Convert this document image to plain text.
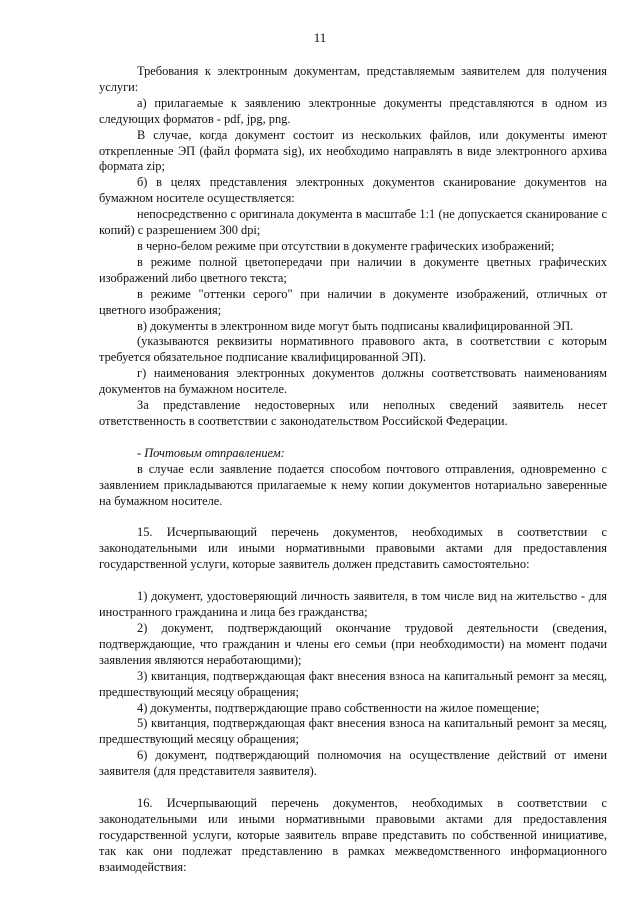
11

Требования к электронным документам, представляемым заявителем для получения услуги:

а) прилагаемые к заявлению электронные документы представляются в одном из следующих форматов - pdf, jpg, png.

В случае, когда документ состоит из нескольких файлов, или документы имеют открепленные ЭП (файл формата sig), их необходимо направлять в виде электронного архива формата zip;

б) в целях представления электронных документов сканирование документов на бумажном носителе осуществляется:

непосредственно с оригинала документа в масштабе 1:1 (не допускается сканирование с копий) с разрешением 300 dpi;

в черно-белом режиме при отсутствии в документе графических изображений;

в режиме полной цветопередачи при наличии в документе цветных графических изображений либо цветного текста;

в режиме "оттенки серого" при наличии в документе изображений, отличных от цветного изображения;

в) документы в электронном виде могут быть подписаны квалифицированной ЭП.

(указываются реквизиты нормативного правового акта, в соответствии с которым требуется обязательное подписание квалифицированной ЭП).

г) наименования электронных документов должны соответствовать наименованиям документов на бумажном носителе.

За представление недостоверных или неполных сведений заявитель несет ответственность в соответствии с законодательством Российской Федерации.

- Почтовым отправлением:

в случае если заявление подается способом почтового отправления, одновременно с заявлением прикладываются прилагаемые к нему копии документов нотариально заверенные на бумажном носителе.

15. Исчерпывающий перечень документов, необходимых в соответствии с законодательными или иными нормативными правовыми актами для предоставления государственной услуги, которые заявитель должен представить самостоятельно:

1) документ, удостоверяющий личность заявителя, в том числе вид на жительство - для иностранного гражданина и лица без гражданства;

2) документ, подтверждающий окончание трудовой деятельности (сведения, подтверждающие, что гражданин и члены его семьи (при необходимости) на момент подачи заявления являются неработающими);

3) квитанция, подтверждающая факт внесения взноса на капитальный ремонт за месяц, предшествующий месяцу обращения;

4) документы, подтверждающие право собственности на жилое помещение;

5) квитанция, подтверждающая факт внесения взноса на капитальный ремонт за месяц, предшествующий месяцу обращения;

6) документ, подтверждающий полномочия на осуществление действий от имени заявителя (для представителя заявителя).

16. Исчерпывающий перечень документов, необходимых в соответствии с законодательными или иными нормативными правовыми актами для предоставления государственной услуги, которые заявитель вправе представить по собственной инициативе, так как они подлежат представлению в рамках межведомственного информационного взаимодействия:
